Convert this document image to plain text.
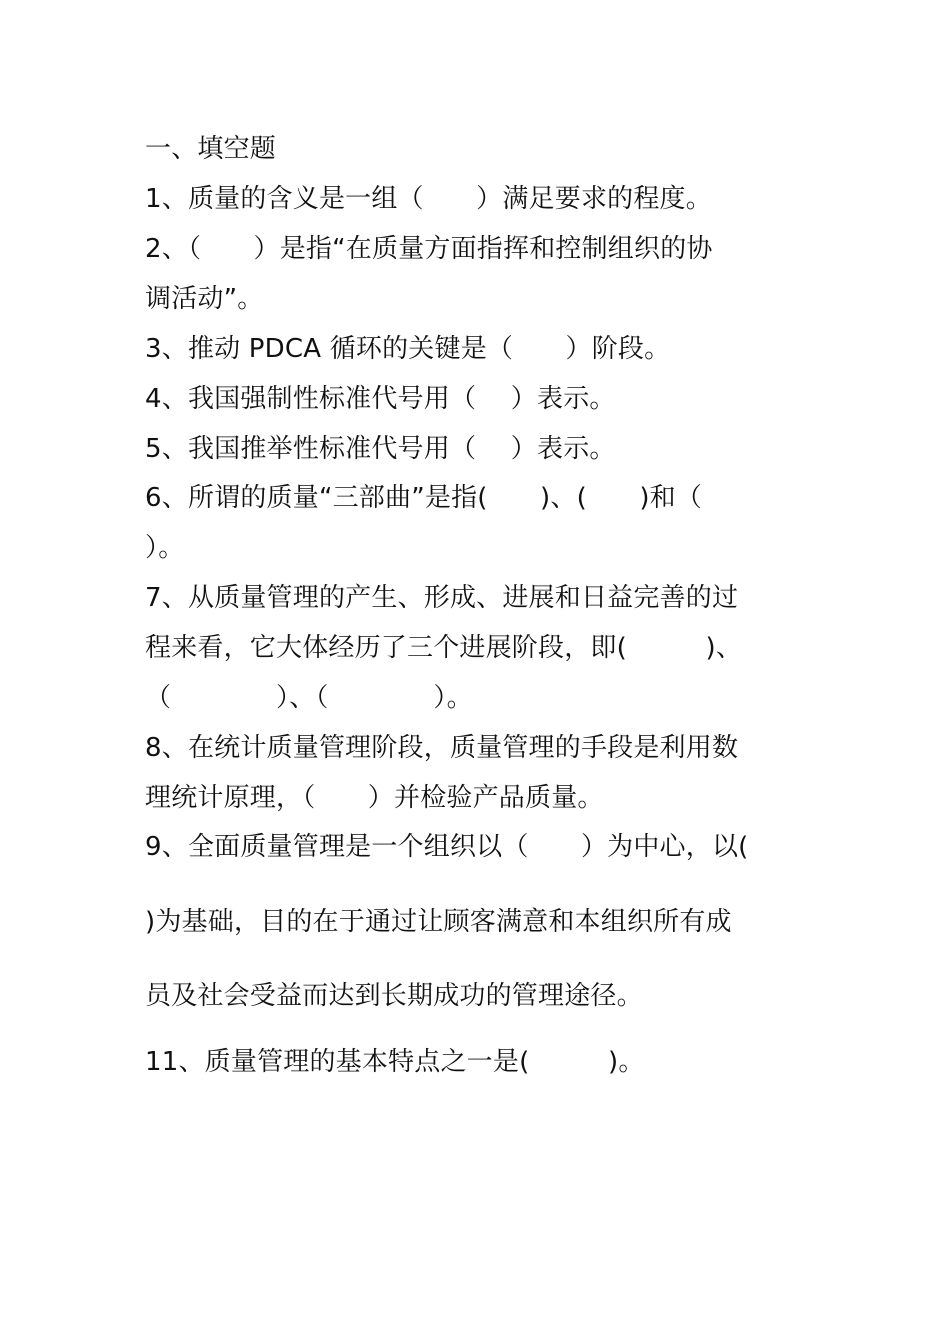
一、填空题
1、质量的含义是一组（　　）满足要求的程度。
2、（　　）是指“在质量方面指挥和控制组织的协
调活动”。
3、推动 PDCA 循环的关键是（　　）阶段。
4、我国强制性标准代号用（　 ）表示。
5、我国推举性标准代号用（　 ）表示。
6、所谓的质量“三部曲”是指(　　)、(　　)和（
）。
7、从质量管理的产生、形成、进展和日益完善的过
程来看，它大体经历了三个进展阶段，即(　　　)、
（　　　　）、（　　　　）。
8、在统计质量管理阶段，质量管理的手段是利用数
理统计原理，（　　）并检验产品质量。
9、全面质量管理是一个组织以（　　）为中心，以(
)为基础，目的在于通过让顾客满意和本组织所有成
员及社会受益而达到长期成功的管理途径。
11、质量管理的基本特点之一是(　　　)。
